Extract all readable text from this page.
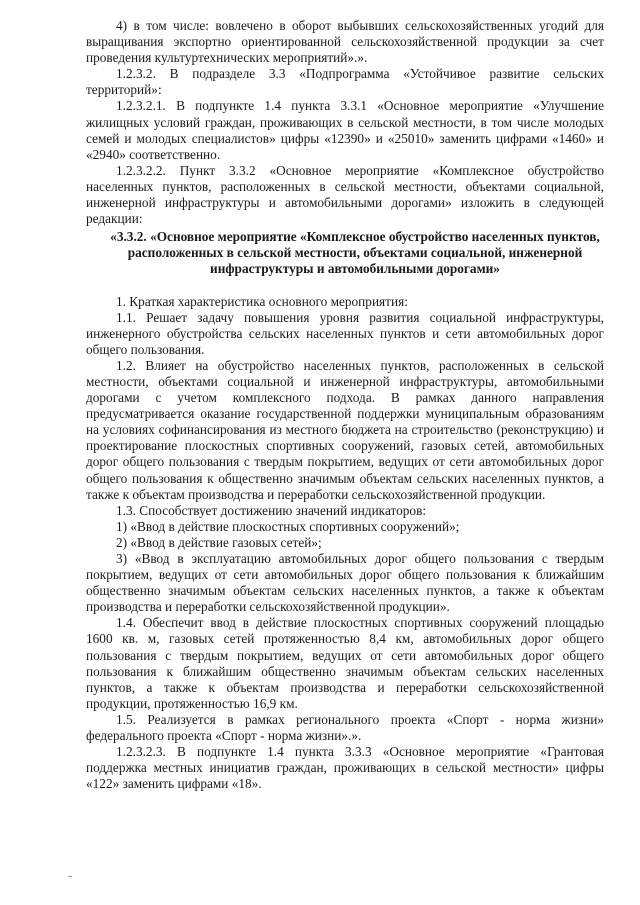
4) в том числе: вовлечено в оборот выбывших сельскохозяйственных угодий для выращивания экспортно ориентированной сельскохозяйственной продукции за счет проведения культуртехнических мероприятий».».

1.2.3.2. В подразделе 3.3 «Подпрограмма «Устойчивое развитие сельских территорий»:

1.2.3.2.1. В подпункте 1.4 пункта 3.3.1 «Основное мероприятие «Улучшение жилищных условий граждан, проживающих в сельской местности, в том числе молодых семей и молодых специалистов» цифры «12390» и «25010» заменить цифрами «1460» и «2940» соответственно.

1.2.3.2.2. Пункт 3.3.2 «Основное мероприятие «Комплексное обустройство населенных пунктов, расположенных в сельской местности, объектами социальной, инженерной инфраструктуры и автомобильными дорогами» изложить в следующей редакции:

«3.3.2. «Основное мероприятие «Комплексное обустройство населенных пунктов, расположенных в сельской местности, объектами социальной, инженерной инфраструктуры и автомобильными дорогами»

1. Краткая характеристика основного мероприятия:

1.1. Решает задачу повышения уровня развития социальной инфраструктуры, инженерного обустройства сельских населенных пунктов и сети автомобильных дорог общего пользования.

1.2. Влияет на обустройство населенных пунктов, расположенных в сельской местности, объектами социальной и инженерной инфраструктуры, автомобильными дорогами с учетом комплексного подхода. В рамках данного направления предусматривается оказание государственной поддержки муниципальным образованиям на условиях софинансирования из местного бюджета на строительство (реконструкцию) и проектирование плоскостных спортивных сооружений, газовых сетей, автомобильных дорог общего пользования с твердым покрытием, ведущих от сети автомобильных дорог общего пользования к общественно значимым объектам сельских населенных пунктов, а также к объектам производства и переработки сельскохозяйственной продукции.

1.3. Способствует достижению значений индикаторов:

1) «Ввод в действие плоскостных спортивных сооружений»;

2) «Ввод в действие газовых сетей»;

3) «Ввод в эксплуатацию автомобильных дорог общего пользования с твердым покрытием, ведущих от сети автомобильных дорог общего пользования к ближайшим общественно значимым объектам сельских населенных пунктов, а также к объектам производства и переработки сельскохозяйственной продукции».

1.4. Обеспечит ввод в действие плоскостных спортивных сооружений площадью 1600 кв. м, газовых сетей протяженностью 8,4 км, автомобильных дорог общего пользования с твердым покрытием, ведущих от сети автомобильных дорог общего пользования к ближайшим общественно значимым объектам сельских населенных пунктов, а также к объектам производства и переработки сельскохозяйственной продукции, протяженностью 16,9 км.

1.5. Реализуется в рамках регионального проекта «Спорт - норма жизни» федерального проекта «Спорт - норма жизни».».

1.2.3.2.3. В подпункте 1.4 пункта 3.3.3 «Основное мероприятие «Грантовая поддержка местных инициатив граждан, проживающих в сельской местности» цифры «122» заменить цифрами «18».
